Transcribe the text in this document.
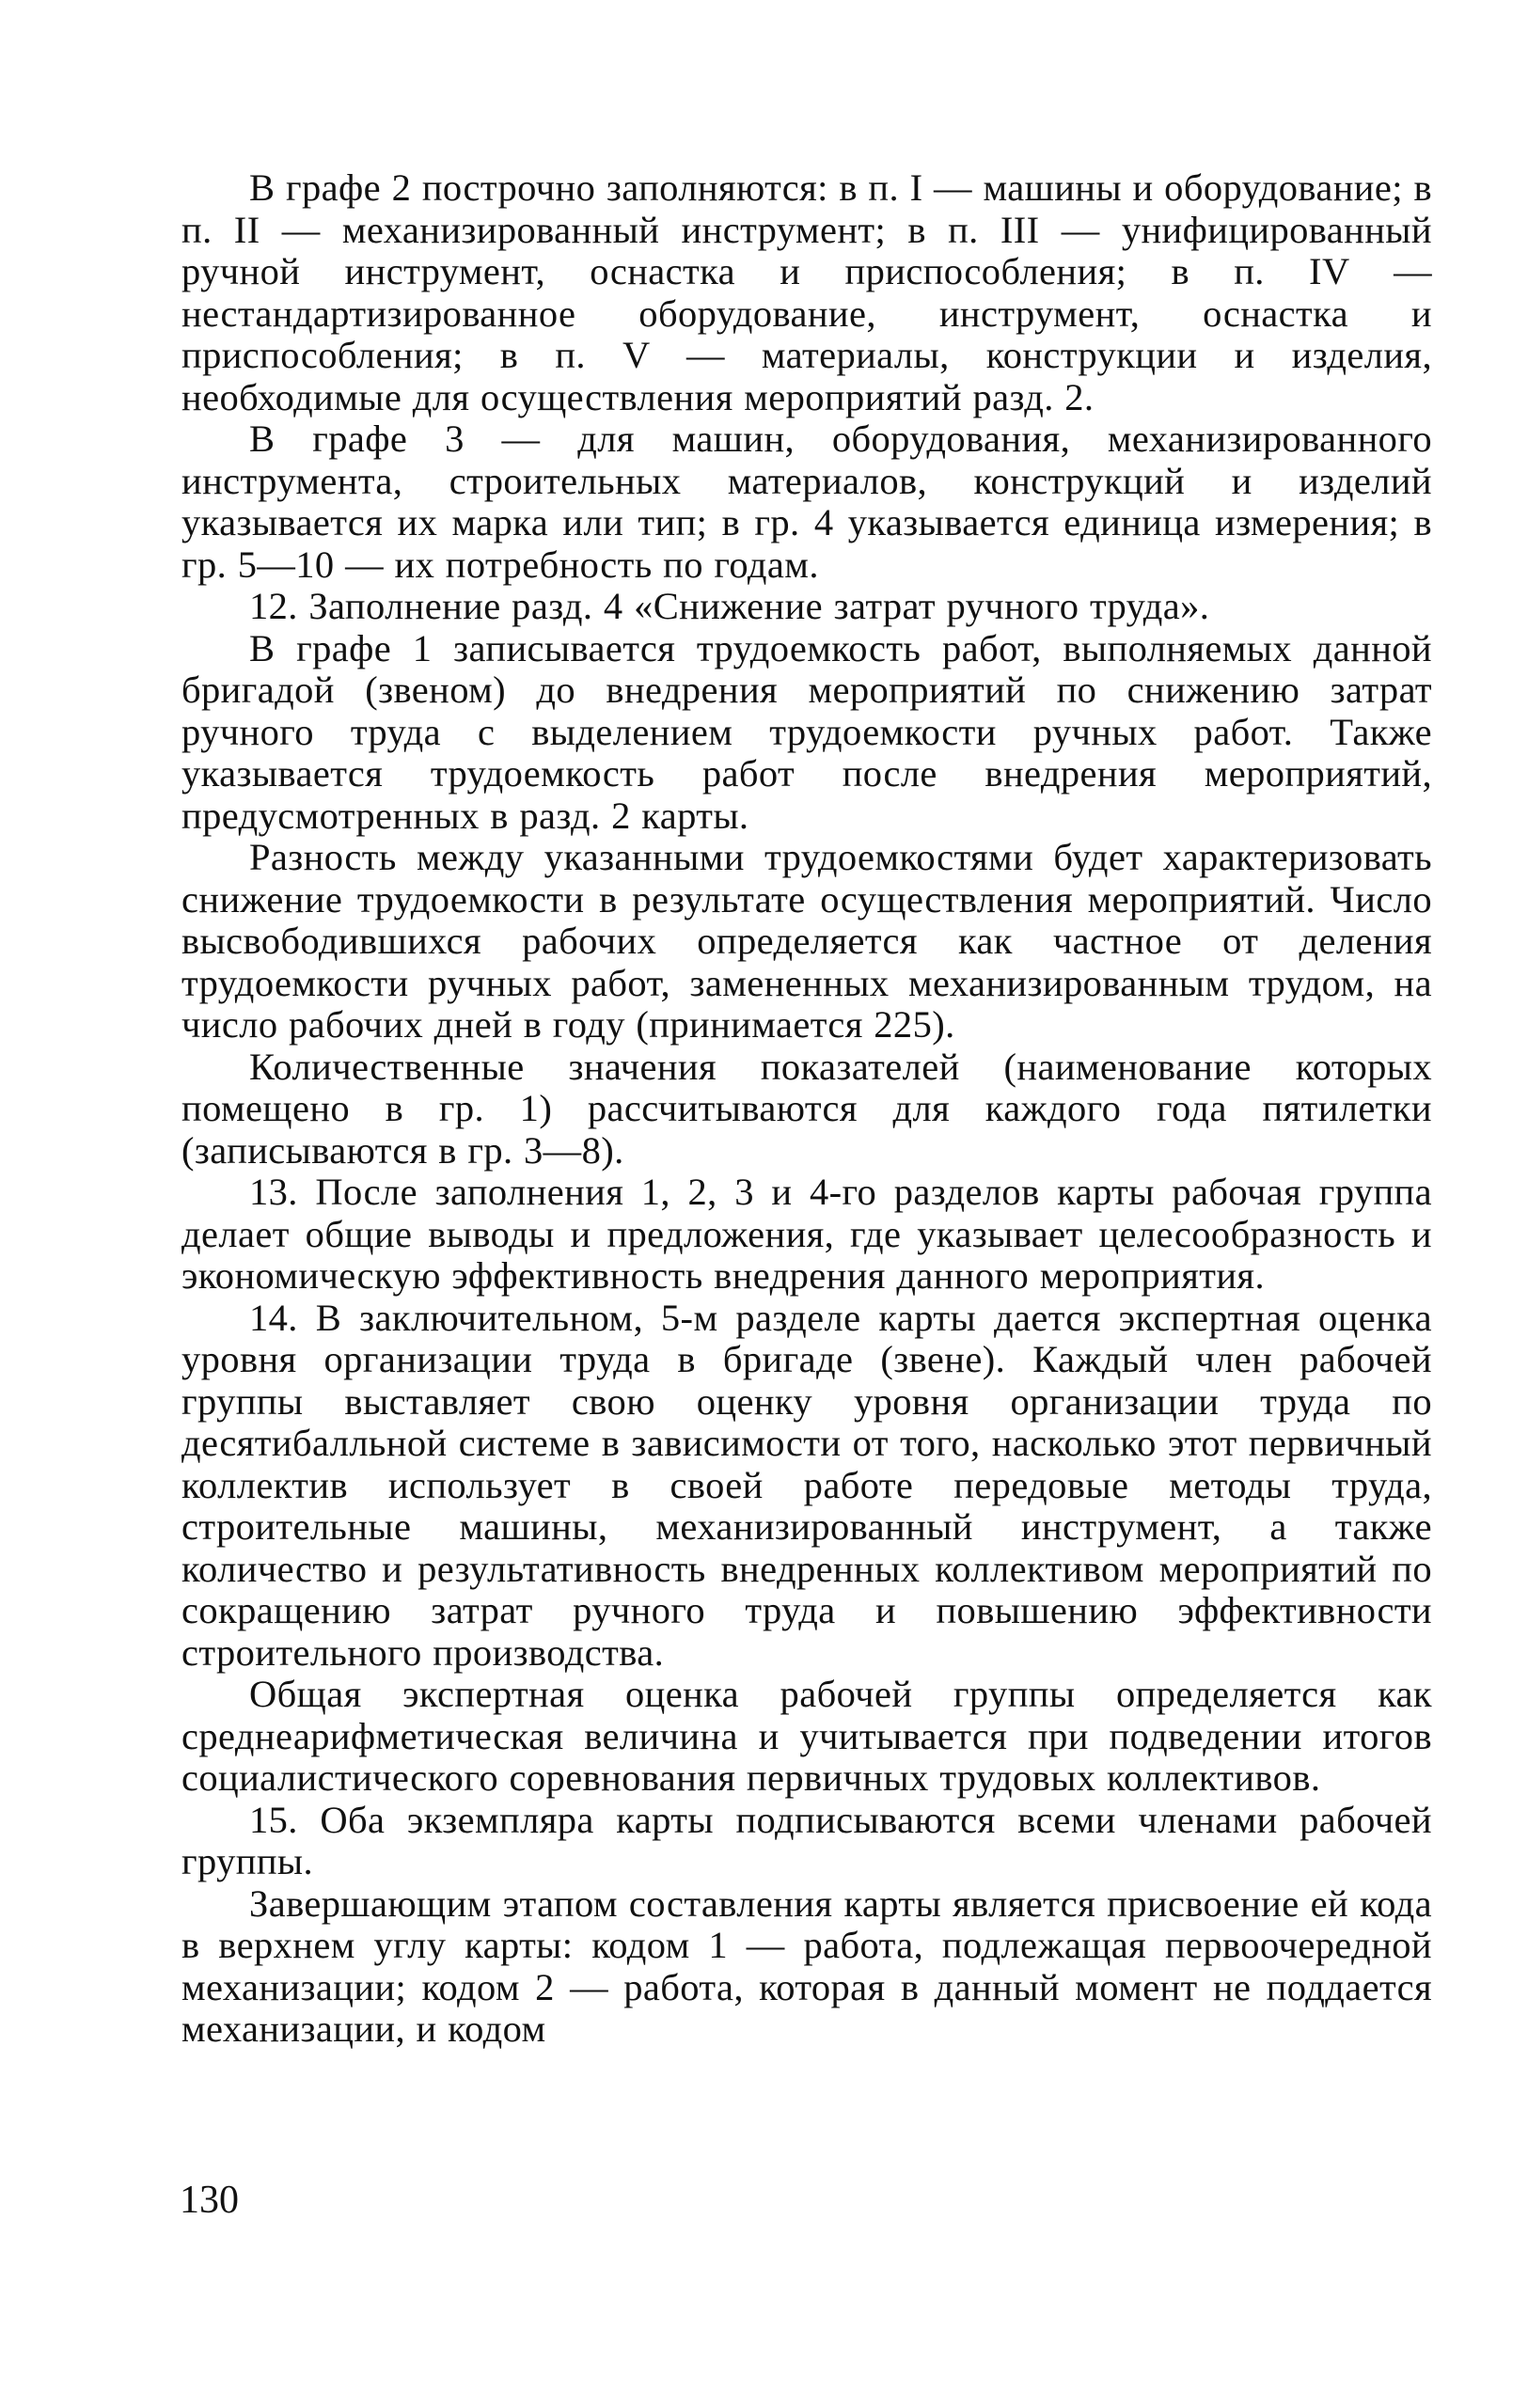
В графе 2 построчно заполняются: в п. I — машины и оборудование; в п. II — механизированный инструмент; в п. III — унифицированный ручной инструмент, оснастка и приспособления; в п. IV — нестандартизированное оборудование, инструмент, оснастка и приспособления; в п. V — материалы, конструкции и изделия, необходимые для осуществления мероприятий разд. 2.

В графе 3 — для машин, оборудования, механизированного инструмента, строительных материалов, конструкций и изделий указывается их марка или тип; в гр. 4 указывается единица измерения; в гр. 5—10 — их потребность по годам.

12. Заполнение разд. 4 «Снижение затрат ручного труда».

В графе 1 записывается трудоемкость работ, выполняемых данной бригадой (звеном) до внедрения мероприятий по снижению затрат ручного труда с выделением трудоемкости ручных работ. Также указывается трудоемкость работ после внедрения мероприятий, предусмотренных в разд. 2 карты.

Разность между указанными трудоемкостями будет характеризовать снижение трудоемкости в результате осуществления мероприятий. Число высвободившихся рабочих определяется как частное от деления трудоемкости ручных работ, замененных механизированным трудом, на число рабочих дней в году (принимается 225).

Количественные значения показателей (наименование которых помещено в гр. 1) рассчитываются для каждого года пятилетки (записываются в гр. 3—8).

13. После заполнения 1, 2, 3 и 4-го разделов карты рабочая группа делает общие выводы и предложения, где указывает целесообразность и экономическую эффективность внедрения данного мероприятия.

14. В заключительном, 5-м разделе карты дается экспертная оценка уровня организации труда в бригаде (звене). Каждый член рабочей группы выставляет свою оценку уровня организации труда по десятибалльной системе в зависимости от того, насколько этот первичный коллектив использует в своей работе передовые методы труда, строительные машины, механизированный инструмент, а также количество и результативность внедренных коллективом мероприятий по сокращению затрат ручного труда и повышению эффективности строительного производства.

Общая экспертная оценка рабочей группы определяется как среднеарифметическая величина и учитывается при подведении итогов социалистического соревнования первичных трудовых коллективов.

15. Оба экземпляра карты подписываются всеми членами рабочей группы.

Завершающим этапом составления карты является присвоение ей кода в верхнем углу карты: кодом 1 — работа, подлежащая первоочередной механизации; кодом 2 — работа, которая в данный момент не поддается механизации, и кодом

130
